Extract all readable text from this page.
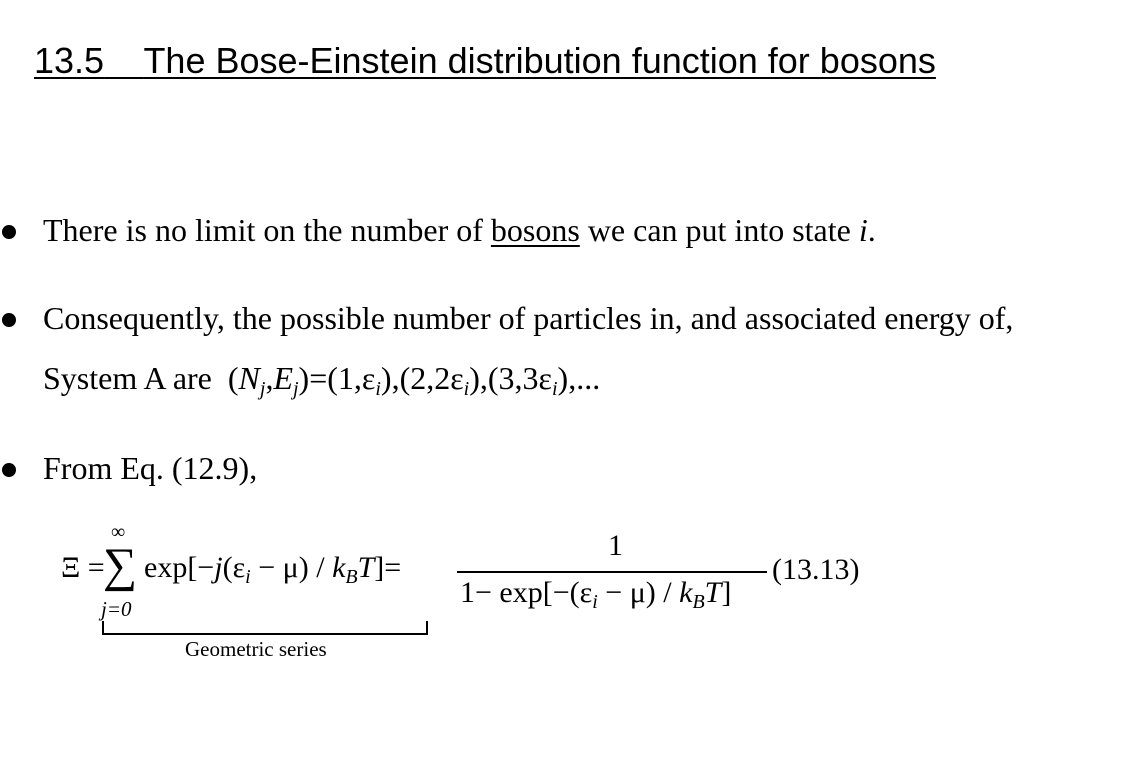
13.5 The Bose-Einstein distribution function for bosons
There is no limit on the number of bosons we can put into state i.
Consequently, the possible number of particles in, and associated energy of,
System A are $(N_j,E_j)=(1,\varepsilon_i),(2,2\varepsilon_i),(3,3\varepsilon_i)$,...
From Eq. (12.9),
Ξ =
∑
∞
j=0
$\exp[-j(\varepsilon_i - \mu) / k_BT]=$
1
$1- \exp[-(\varepsilon_i - \mu) / k_BT]$
(13.13)
Geometric series
